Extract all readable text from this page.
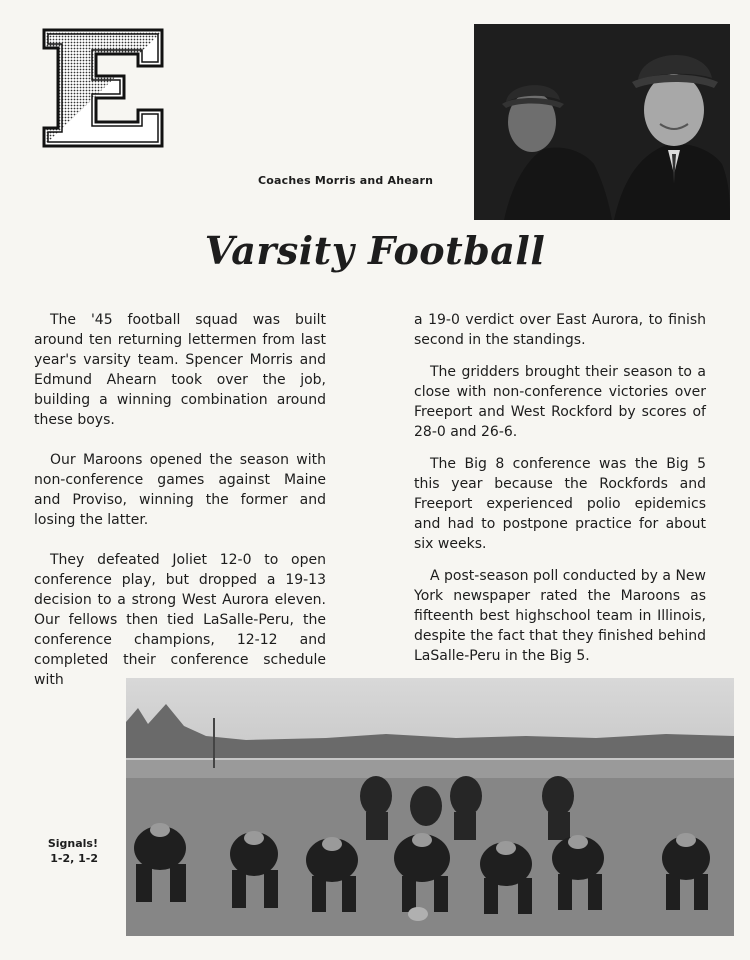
Coaches Morris and Ahearn
Varsity Football

The '45 football squad was built around ten returning lettermen from last year's varsity team. Spencer Morris and Edmund Ahearn took over the job, building a winning combination around these boys.

Our Maroons opened the season with non-conference games against Maine and Proviso, winning the former and losing the latter.

They defeated Joliet 12-0 to open conference play, but dropped a 19-13 decision to a strong West Aurora eleven. Our fellows then tied LaSalle-Peru, the conference champions, 12-12 and completed their conference schedule with

a 19-0 verdict over East Aurora, to finish second in the standings.

The gridders brought their season to a close with non-conference victories over Freeport and West Rockford by scores of 28-0 and 26-6.

The Big 8 conference was the Big 5 this year because the Rockfords and Freeport experienced polio epidemics and had to postpone practice for about six weeks.

A post-season poll conducted by a New York newspaper rated the Maroons as fifteenth best highschool team in Illinois, despite the fact that they finished behind LaSalle-Peru in the Big 5.

Signals!
1-2, 1-2
